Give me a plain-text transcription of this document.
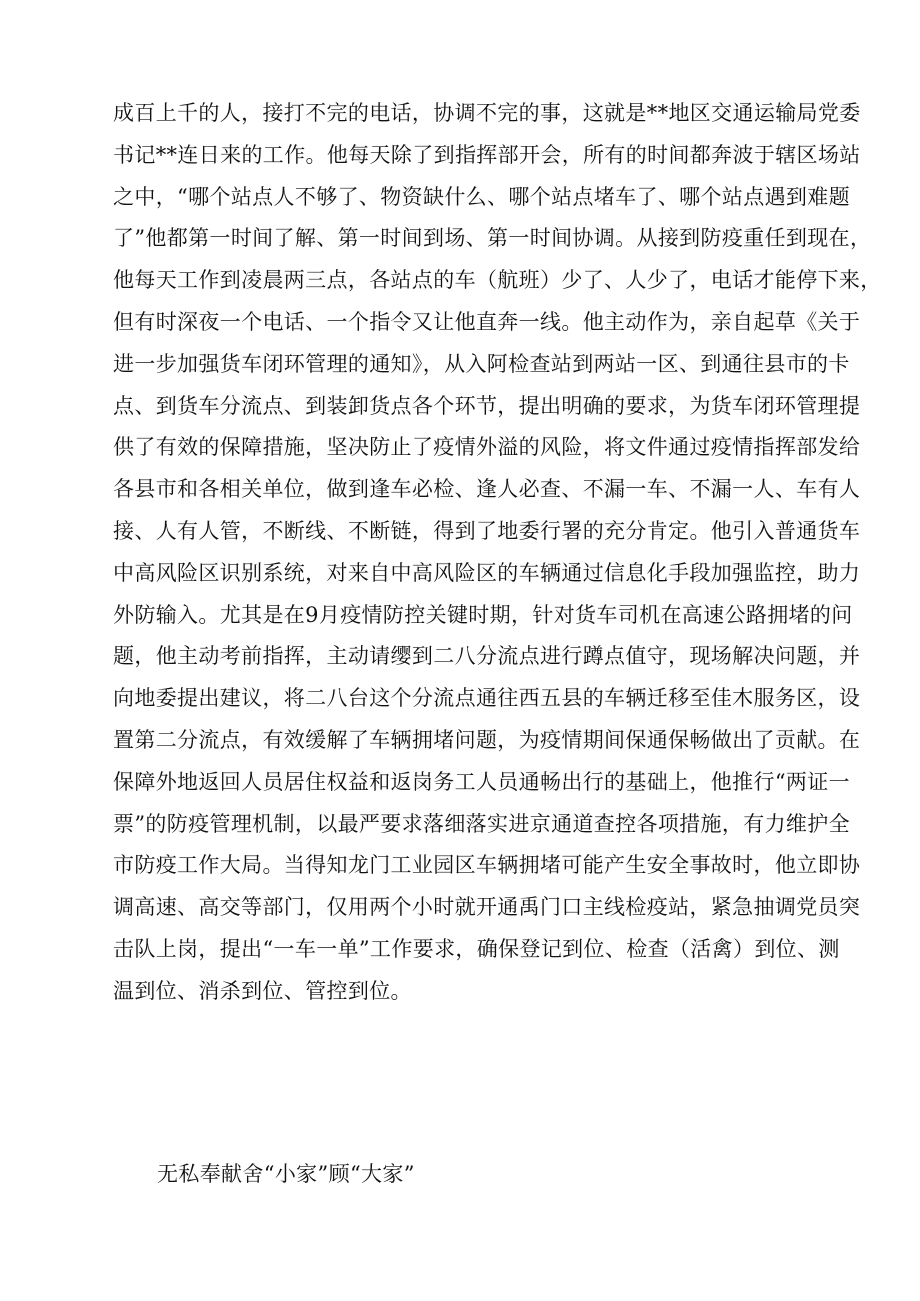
成百上千的人，接打不完的电话，协调不完的事，这就是**地区交通运输局党委
书记**连日来的工作。他每天除了到指挥部开会，所有的时间都奔波于辖区场站
之中，“哪个站点人不够了、物资缺什么、哪个站点堵车了、哪个站点遇到难题
了”他都第一时间了解、第一时间到场、第一时间协调。从接到防疫重任到现在，
他每天工作到凌晨两三点，各站点的车（航班）少了、人少了，电话才能停下来，
但有时深夜一个电话、一个指令又让他直奔一线。他主动作为，亲自起草《关于
进一步加强货车闭环管理的通知》，从入阿检查站到两站一区、到通往县市的卡
点、到货车分流点、到装卸货点各个环节，提出明确的要求，为货车闭环管理提
供了有效的保障措施，坚决防止了疫情外溢的风险，将文件通过疫情指挥部发给
各县市和各相关单位，做到逢车必检、逢人必查、不漏一车、不漏一人、车有人
接、人有人管，不断线、不断链，得到了地委行署的充分肯定。他引入普通货车
中高风险区识别系统，对来自中高风险区的车辆通过信息化手段加强监控，助力
外防输入。尤其是在9月疫情防控关键时期，针对货车司机在高速公路拥堵的问
题，他主动考前指挥，主动请缨到二八分流点进行蹲点值守，现场解决问题，并
向地委提出建议，将二八台这个分流点通往西五县的车辆迁移至佳木服务区，设
置第二分流点，有效缓解了车辆拥堵问题，为疫情期间保通保畅做出了贡献。在
保障外地返回人员居住权益和返岗务工人员通畅出行的基础上，他推行“两证一
票”的防疫管理机制，以最严要求落细落实进京通道查控各项措施，有力维护全
市防疫工作大局。当得知龙门工业园区车辆拥堵可能产生安全事故时，他立即协
调高速、高交等部门，仅用两个小时就开通禹门口主线检疫站，紧急抽调党员突
击队上岗，提出“一车一单”工作要求，确保登记到位、检查（活禽）到位、测
温到位、消杀到位、管控到位。
无私奉献舍“小家”顾“大家”
